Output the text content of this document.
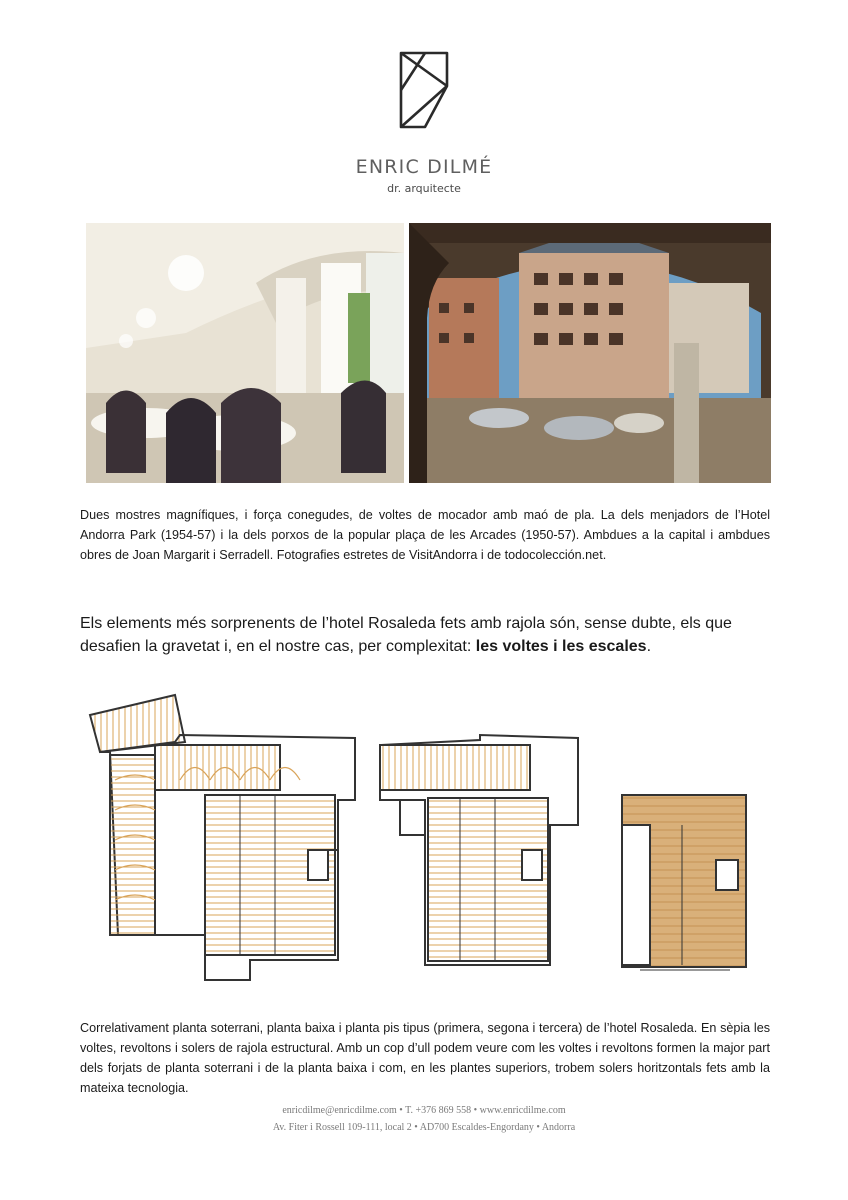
ENRIC DILMÉ
dr. arquitecte
Dues mostres magnífiques, i força conegudes, de voltes de mocador amb maó de pla. La dels menjadors de l’Hotel Andorra Park (1954-57) i la dels porxos de la popular plaça de les Arcades (1950-57). Ambdues a la capital i ambdues obres de Joan Margarit i Serradell. Fotografies estretes de VisitAndorra i de todocolección.net.
Els elements més sorprenents de l’hotel Rosaleda fets amb rajola són, sense dubte, els que desafien la gravetat i, en el nostre cas, per complexitat: les voltes i les escales.
Correlativament planta soterrani, planta baixa i planta pis tipus (primera, segona i tercera) de l’hotel Rosaleda. En sèpia les voltes, revoltons i solers de rajola estructural. Amb un cop d’ull podem veure com les voltes i revoltons formen la major part dels forjats de planta soterrani i de la planta baixa i com, en les plantes superiors, trobem solers horitzontals fets amb la mateixa tecnologia.
enricdilme@enricdilme.com • T. +376 869 558 • www.enricdilme.com
Av. Fiter i Rossell 109-111, local 2 • AD700 Escaldes-Engordany • Andorra
